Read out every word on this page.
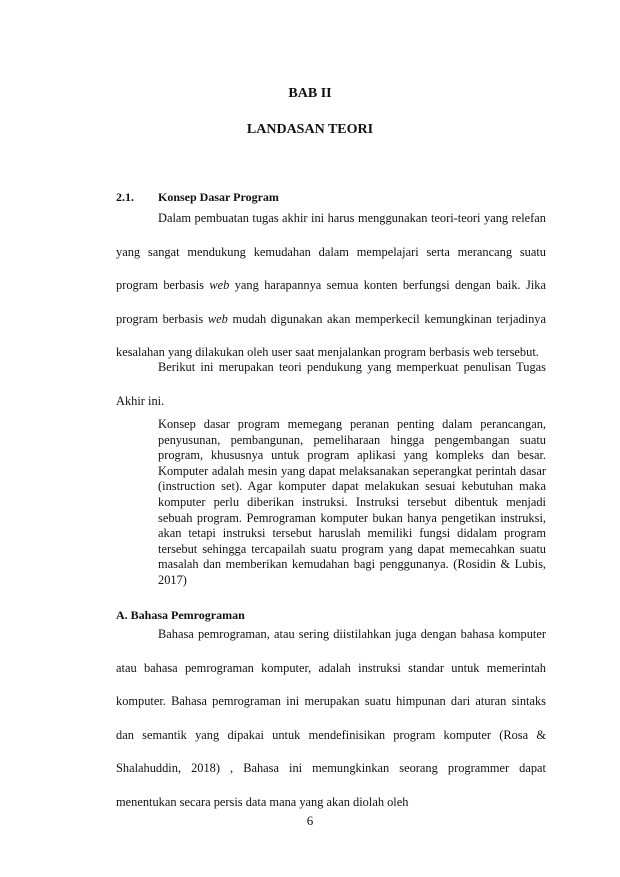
BAB II

LANDASAN TEORI

2.1. Konsep Dasar Program

Dalam pembuatan tugas akhir ini harus menggunakan teori-teori yang relefan yang sangat mendukung kemudahan dalam mempelajari serta merancang suatu program berbasis web yang harapannya semua konten berfungsi dengan baik. Jika program berbasis web mudah digunakan akan memperkecil kemungkinan terjadinya kesalahan yang dilakukan oleh user saat menjalankan program berbasis web tersebut.

Berikut ini merupakan teori pendukung yang memperkuat penulisan Tugas Akhir ini.

Konsep dasar program memegang peranan penting dalam perancangan, penyusunan, pembangunan, pemeliharaan hingga pengembangan suatu program, khususnya untuk program aplikasi yang kompleks dan besar. Komputer adalah mesin yang dapat melaksanakan seperangkat perintah dasar (instruction set). Agar komputer dapat melakukan sesuai kebutuhan maka komputer perlu diberikan instruksi. Instruksi tersebut dibentuk menjadi sebuah program. Pemrograman komputer bukan hanya pengetikan instruksi, akan tetapi instruksi tersebut haruslah memiliki fungsi didalam program tersebut sehingga tercapailah suatu program yang dapat memecahkan suatu masalah dan memberikan kemudahan bagi penggunanya. (Rosidin & Lubis, 2017)

A. Bahasa Pemrograman

Bahasa pemrograman, atau sering diistilahkan juga dengan bahasa komputer atau bahasa pemrograman komputer, adalah instruksi standar untuk memerintah komputer. Bahasa pemrograman ini merupakan suatu himpunan dari aturan sintaks dan semantik yang dipakai untuk mendefinisikan program komputer (Rosa & Shalahuddin, 2018) , Bahasa ini memungkinkan seorang programmer dapat menentukan secara persis data mana yang akan diolah oleh

6
